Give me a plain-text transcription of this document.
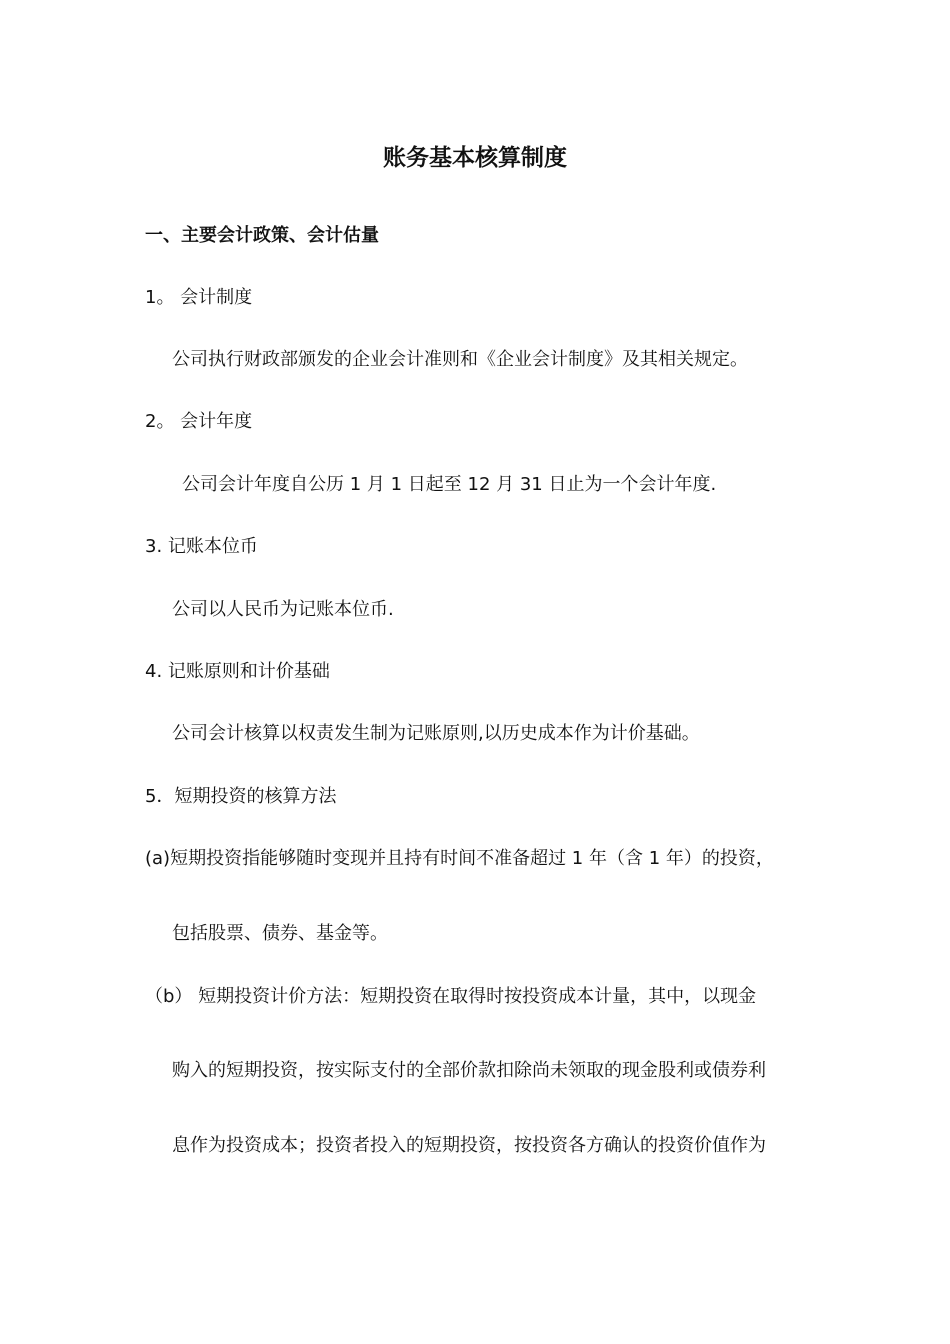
账务基本核算制度
一、主要会计政策、会计估量
1。 会计制度
公司执行财政部颁发的企业会计准则和《企业会计制度》及其相关规定。
2。 会计年度
公司会计年度自公历 1 月 1 日起至 12 月 31 日止为一个会计年度.
3. 记账本位币
公司以人民币为记账本位币.
4. 记账原则和计价基础
公司会计核算以权责发生制为记账原则,以历史成本作为计价基础。
5．短期投资的核算方法
(a)短期投资指能够随时变现并且持有时间不准备超过 1 年（含 1 年）的投资，
包括股票、债券、基金等。
（b） 短期投资计价方法：短期投资在取得时按投资成本计量，其中，以现金
购入的短期投资，按实际支付的全部价款扣除尚未领取的现金股利或债券利
息作为投资成本；投资者投入的短期投资，按投资各方确认的投资价值作为
